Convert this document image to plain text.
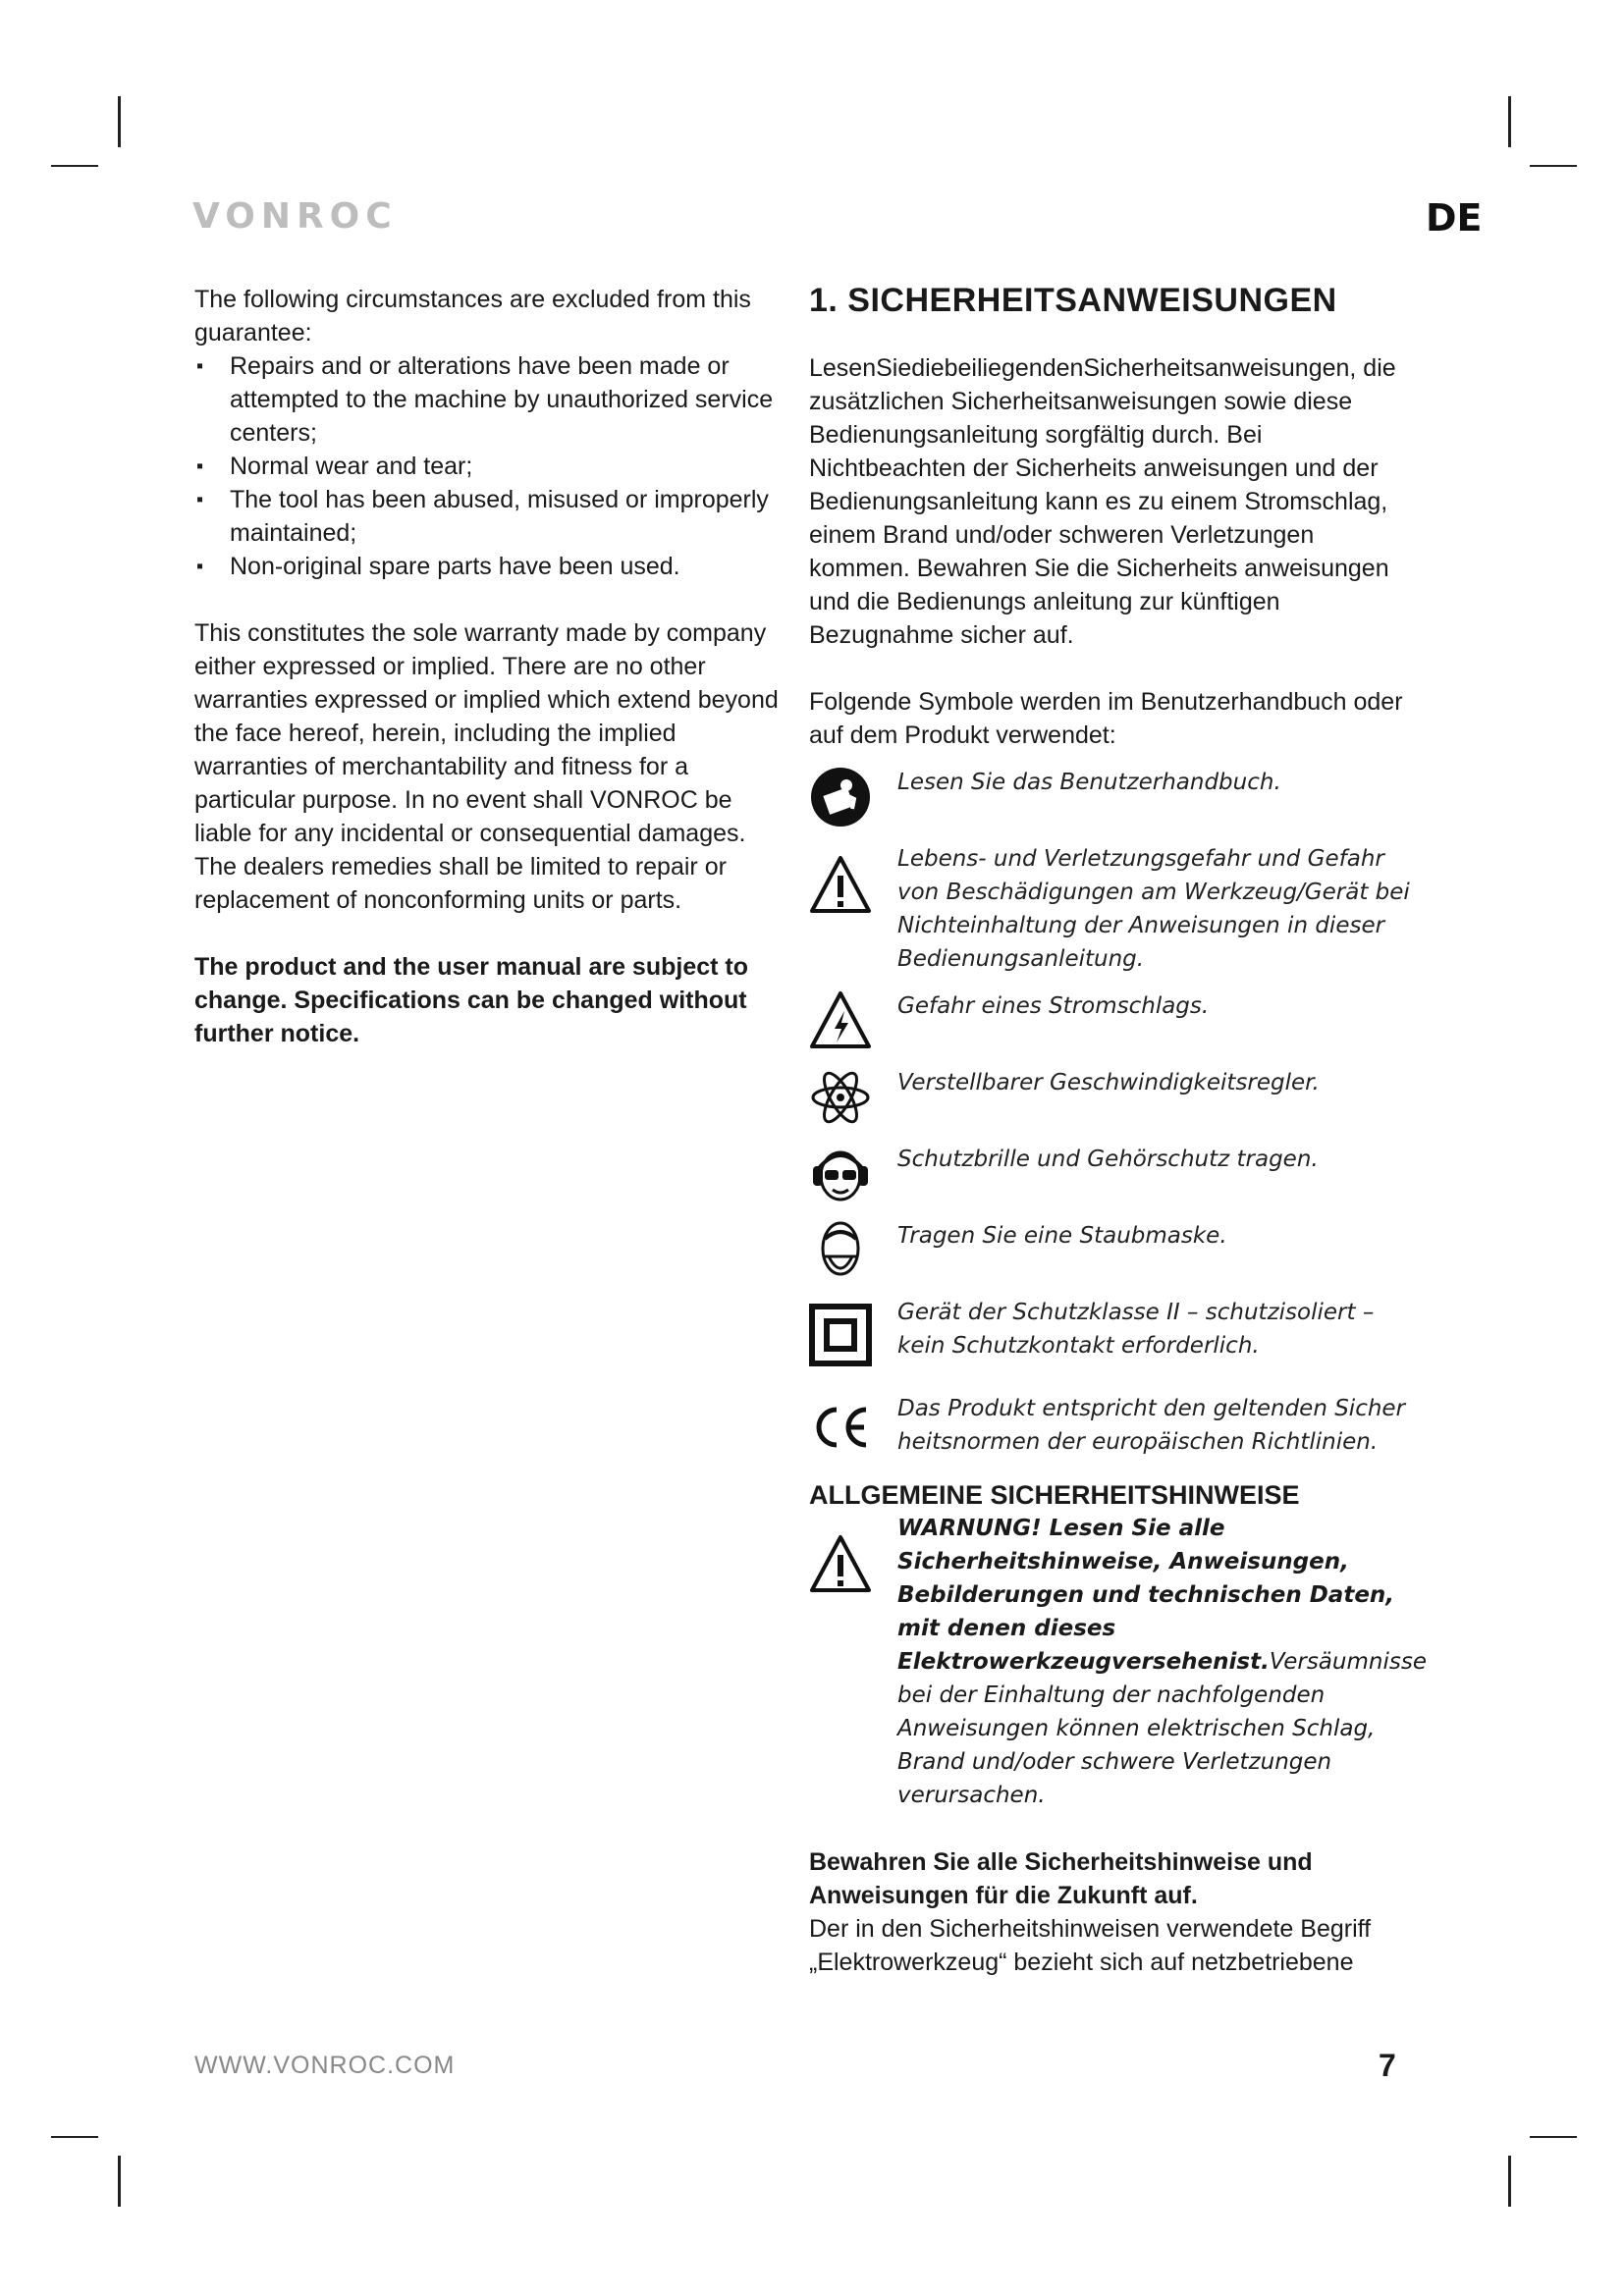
VONROC	DE

The following circumstances are excluded from this guarantee:

▪ Repairs and or alterations have been made or attempted to the machine by unauthorized service centers;
▪ Normal wear and tear;
▪ The tool has been abused, misused or improperly maintained;
▪ Non-original spare parts have been used.

This constitutes the sole warranty made by company either expressed or implied. There are no other warranties expressed or implied which extend beyond the face hereof, herein, including the implied warranties of merchantability and fitness for a particular purpose. In no event shall VONROC be liable for any incidental or consequential damages. The dealers remedies shall be limited to repair or replacement of nonconforming units or parts.

The product and the user manual are subject to change. Specifications can be changed without further notice.

1. SICHERHEITSANWEISUNGEN

LesenSiediebeiliegendenSicherheitsanweisungen, die zusätzlichen Sicherheitsanweisungen sowie diese Bedienungsanleitung sorgfältig durch. Bei Nichtbeachten der Sicherheits anweisungen und der Bedienungsanleitung kann es zu einem Stromschlag, einem Brand und/oder schweren Verletzungen kommen. Bewahren Sie die Sicherheits anweisungen und die Bedienungs anleitung zur künftigen Bezugnahme sicher auf.

Folgende Symbole werden im Benutzerhandbuch oder auf dem Produkt verwendet:

Lesen Sie das Benutzerhandbuch.
Lebens- und Verletzungsgefahr und Gefahr von Beschädigungen am Werkzeug/Gerät bei Nichteinhaltung der Anweisungen in dieser Bedienungsanleitung.
Gefahr eines Stromschlags.
Verstellbarer Geschwindigkeitsregler.
Schutzbrille und Gehörschutz tragen.
Tragen Sie eine Staubmaske.
Gerät der Schutzklasse II – schutzisoliert – kein Schutzkontakt erforderlich.
Das Produkt entspricht den geltenden Sicher heitsnormen der europäischen Richtlinien.
ALLGEMEINE SICHERHEITSHINWEISE
WARNUNG! Lesen Sie alle Sicherheitshinweise, Anweisungen, Bebilderungen und technischen Daten, mit denen dieses Elektrowerkzeugversehenist.Versäumnisse bei der Einhaltung der nachfolgenden Anweisungen können elektrischen Schlag, Brand und/oder schwere Verletzungen verursachen.

Bewahren Sie alle Sicherheitshinweise und Anweisungen für die Zukunft auf.

Der in den Sicherheitshinweisen verwendete Begriff „Elektrowerkzeug“ bezieht sich auf netzbetriebene

WWW.VONROC.COM	7
